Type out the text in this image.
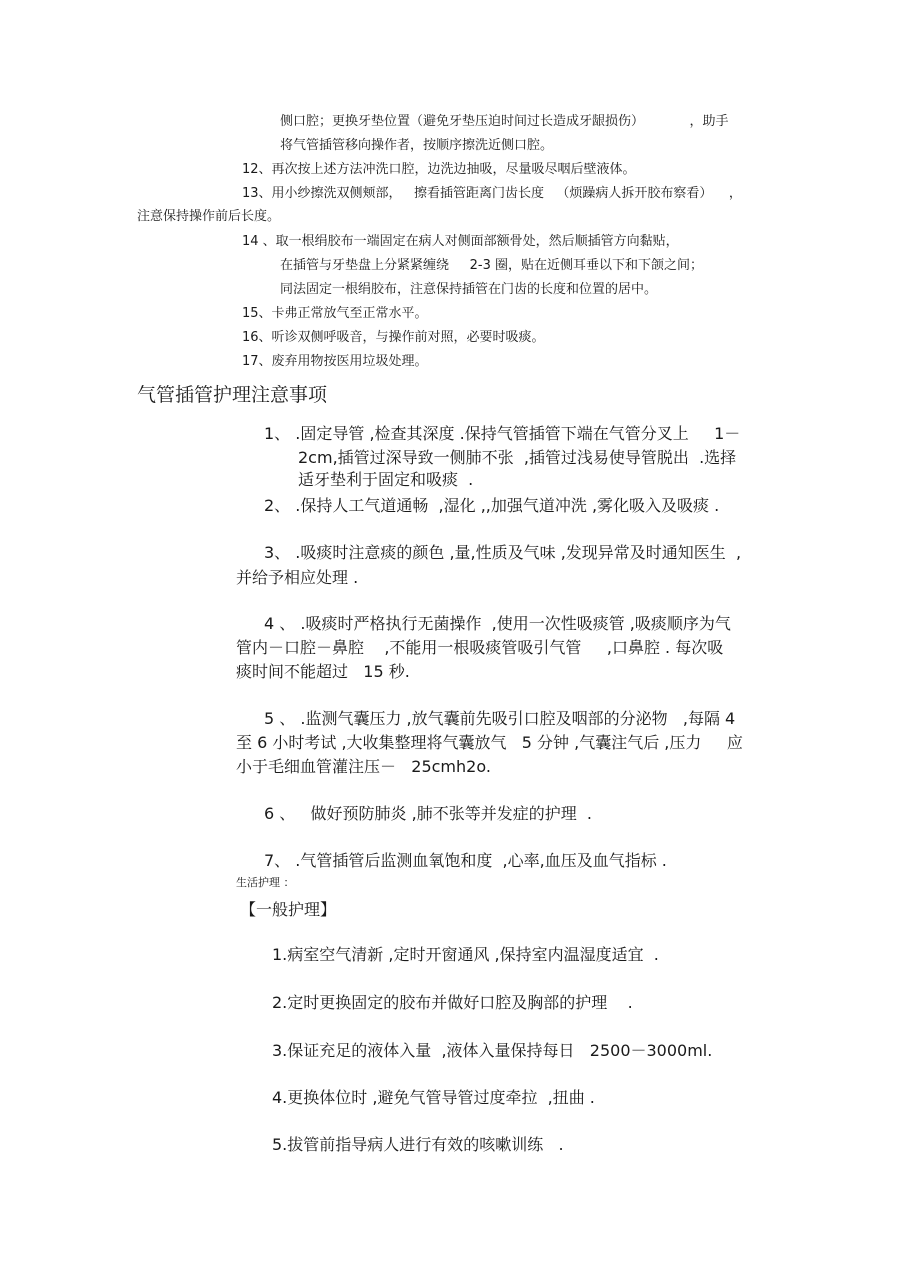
侧口腔；更换牙垫位置（避免牙垫压迫时间过长造成牙龈损伤）           ，助手
将气管插管移向操作者，按顺序擦洗近侧口腔。
12、再次按上述方法冲洗口腔，边洗边抽吸，尽量吸尽咽后壁液体。
13、用小纱擦洗双侧颊部，   擦看插管距离门齿长度   （烦躁病人拆开胶布察看）    ，
注意保持操作前后长度。
14 、取一根绢胶布一端固定在病人对侧面部额骨处，然后顺插管方向黏贴，
在插管与牙垫盘上分紧紧缠绕     2-3 圈，贴在近侧耳垂以下和下颌之间；
同法固定一根绢胶布，注意保持插管在门齿的长度和位置的居中。
15、卡弗正常放气至正常水平。
16、听诊双侧呼吸音，与操作前对照，必要时吸痰。
17、废弃用物按医用垃圾处理。
气管插管护理注意事项
1、 .固定导管 ,检查其深度 .保持气管插管下端在气管分叉上     1－
2cm,插管过深导致一侧肺不张  ,插管过浅易使导管脱出  .选择
适牙垫利于固定和吸痰  .
2、 .保持人工气道通畅  ,湿化 ,,加强气道冲洗 ,雾化吸入及吸痰 .
3、 .吸痰时注意痰的颜色 ,量,性质及气味 ,发现异常及时通知医生  ,
并给予相应处理 .
4 、 .吸痰时严格执行无菌操作  ,使用一次性吸痰管 ,吸痰顺序为气
管内－口腔－鼻腔    ,不能用一根吸痰管吸引气管     ,口鼻腔 . 每次吸
痰时间不能超过   15 秒.
5 、 .监测气囊压力 ,放气囊前先吸引口腔及咽部的分泌物   ,每隔 4
至 6 小时考试 ,大收集整理将气囊放气   5 分钟 ,气囊注气后 ,压力     应
小于毛细血管灌注压－   25cmh2o.
6 、   做好预防肺炎 ,肺不张等并发症的护理  .
7、 .气管插管后监测血氧饱和度  ,心率,血压及血气指标 .
生活护理 ：
【一般护理】
1.病室空气清新 ,定时开窗通风 ,保持室内温湿度适宜  .
2.定时更换固定的胶布并做好口腔及胸部的护理    .
3.保证充足的液体入量  ,液体入量保持每日   2500－3000ml.
4.更换体位时 ,避免气管导管过度牵拉  ,扭曲 .
5.拔管前指导病人进行有效的咳嗽训练   .
